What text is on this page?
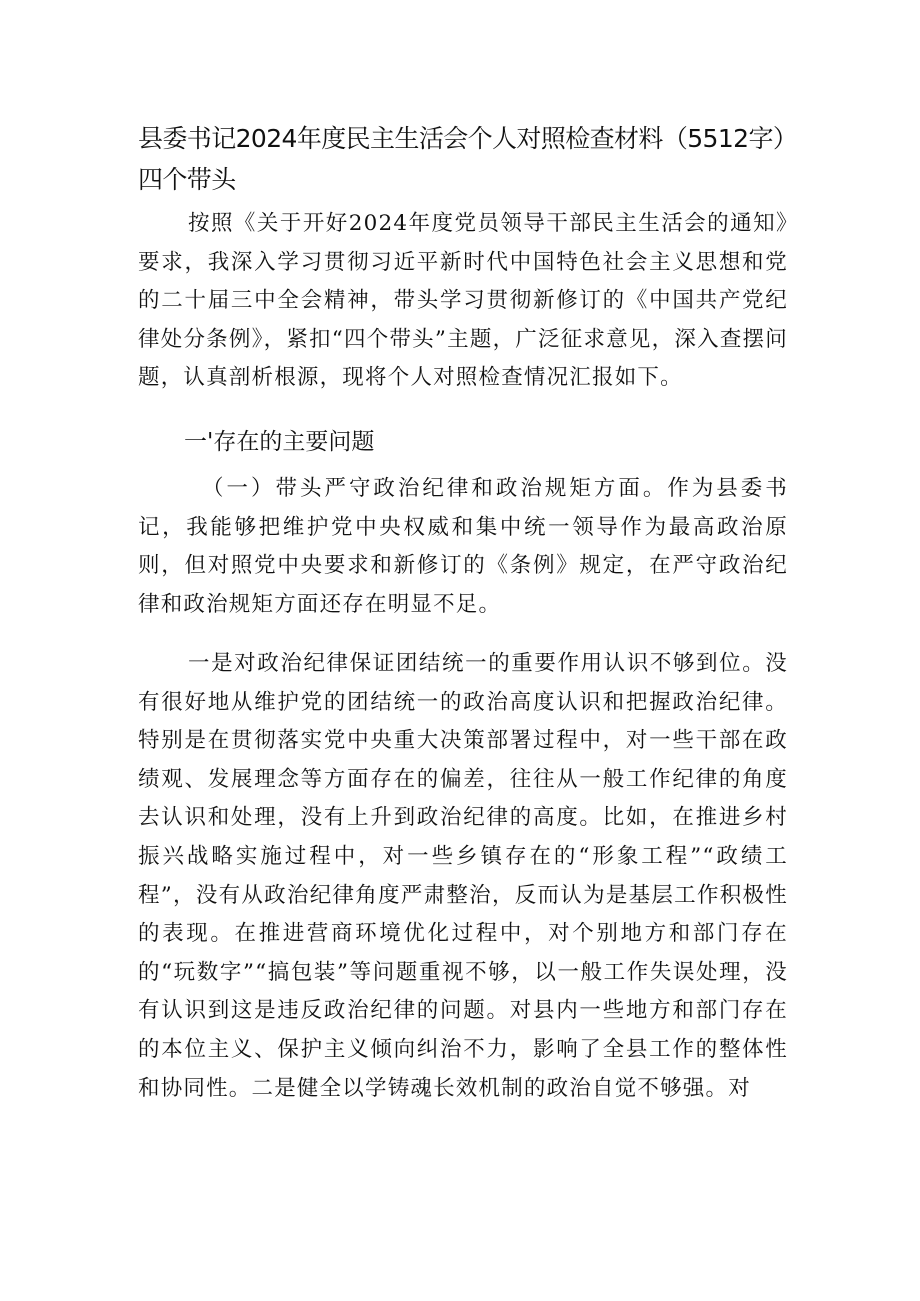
县委书记2024年度民主生活会个人对照检查材料（5512字）四个带头

按照《关于开好2024年度党员领导干部民主生活会的通知》要求，我深入学习贯彻习近平新时代中国特色社会主义思想和党的二十届三中全会精神，带头学习贯彻新修订的《中国共产党纪律处分条例》，紧扣“四个带头”主题，广泛征求意见，深入查摆问题，认真剖析根源，现将个人对照检查情况汇报如下。

一'存在的主要问题

（一）带头严守政治纪律和政治规矩方面。作为县委书记，我能够把维护党中央权威和集中统一领导作为最高政治原则，但对照党中央要求和新修订的《条例》规定，在严守政治纪律和政治规矩方面还存在明显不足。

一是对政治纪律保证团结统一的重要作用认识不够到位。没有很好地从维护党的团结统一的政治高度认识和把握政治纪律。特别是在贯彻落实党中央重大决策部署过程中，对一些干部在政绩观、发展理念等方面存在的偏差，往往从一般工作纪律的角度去认识和处理，没有上升到政治纪律的高度。比如，在推进乡村振兴战略实施过程中，对一些乡镇存在的“形象工程”“政绩工程”，没有从政治纪律角度严肃整治，反而认为是基层工作积极性的表现。在推进营商环境优化过程中，对个别地方和部门存在的“玩数字”“搞包装”等问题重视不够，以一般工作失误处理，没有认识到这是违反政治纪律的问题。对县内一些地方和部门存在的本位主义、保护主义倾向纠治不力，影响了全县工作的整体性和协同性。二是健全以学铸魂长效机制的政治自觉不够强。对
